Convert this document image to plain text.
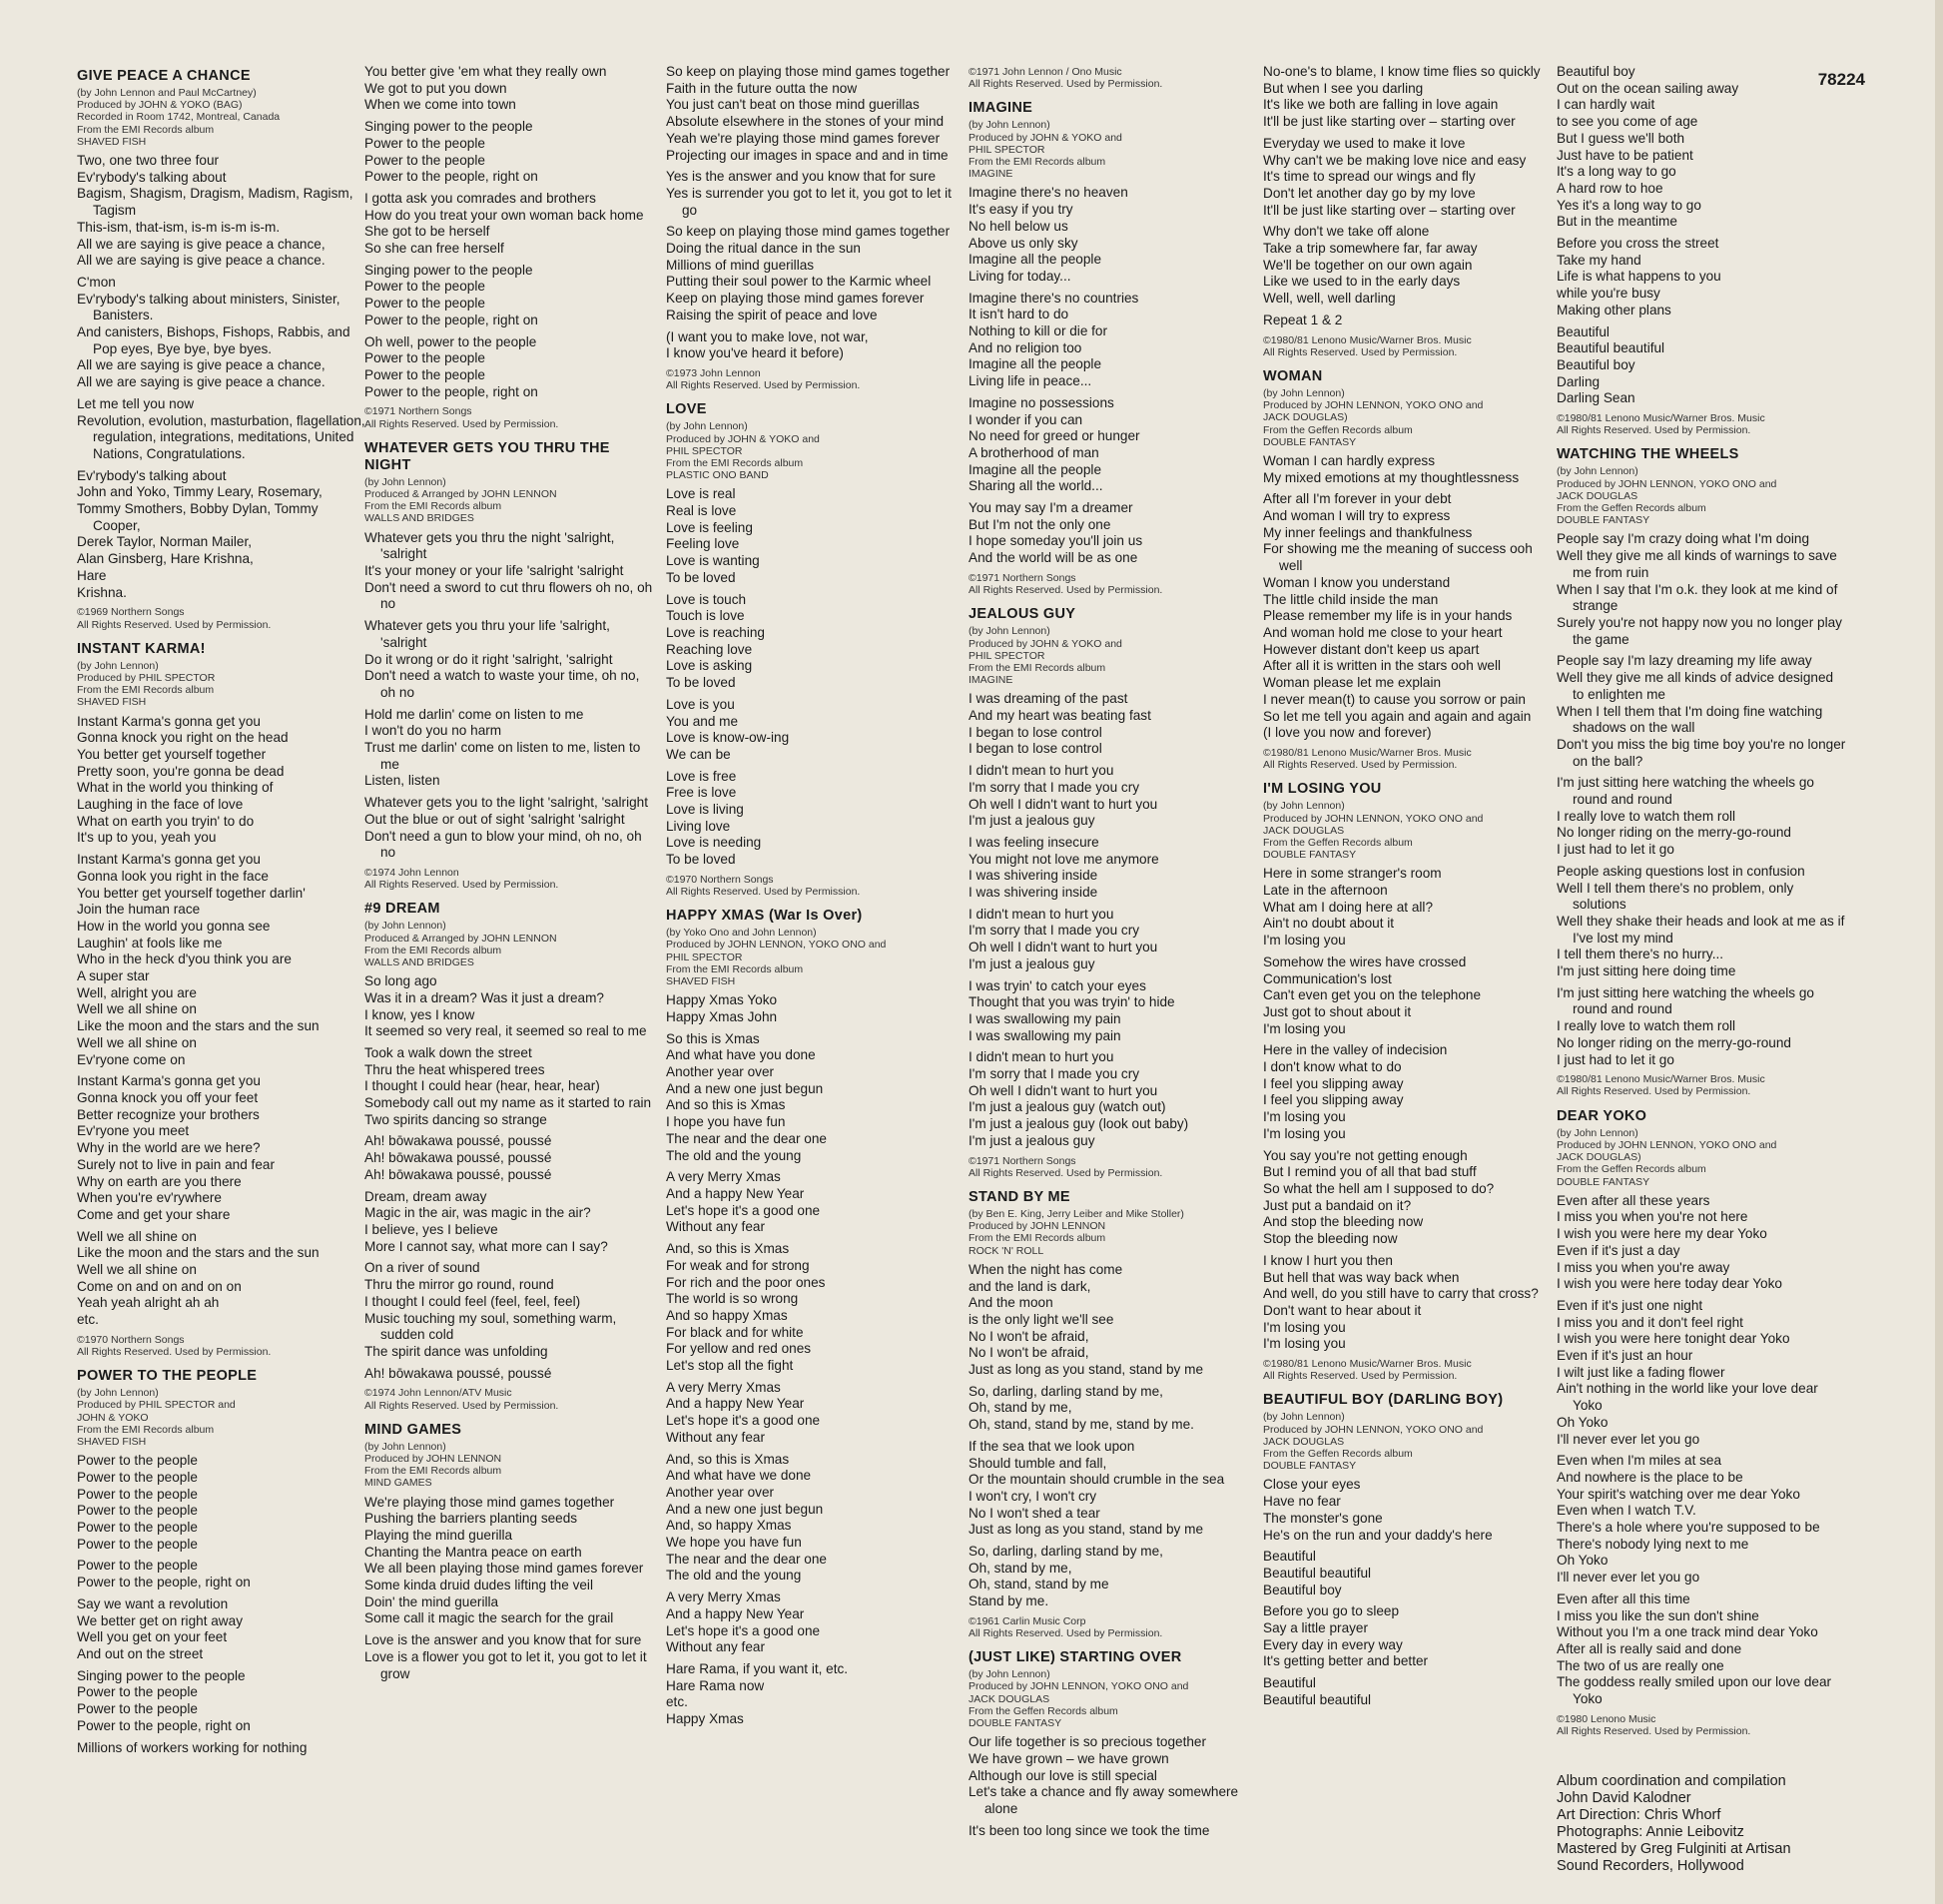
GIVE PEACE A CHANCE
(by John Lennon and Paul McCartney)
Produced by JOHN & YOKO (BAG)
Recorded in Room 1742, Montreal, Canada
From the EMI Records album
SHAVED FISH
Two, one two three four
Ev'rybody's talking about
Bagism, Shagism, Dragism, Madism, Ragism, Tagism
This-ism, that-ism, is-m is-m is-m.
All we are saying is give peace a chance,
All we are saying is give peace a chance.
C'mon
Ev'rybody's talking about ministers, Sinister, Banisters.
And canisters, Bishops, Fishops, Rabbis, and Pop eyes, Bye bye, bye byes.
All we are saying is give peace a chance,
All we are saying is give peace a chance.
Let me tell you now
Revolution, evolution, masturbation, flagellation, regulation, integrations, meditations, United Nations, Congratulations.
Ev'rybody's talking about
John and Yoko, Timmy Leary, Rosemary,
Tommy Smothers, Bobby Dylan, Tommy Cooper,
Derek Taylor, Norman Mailer,
Alan Ginsberg, Hare Krishna,
Hare
Krishna.
©1969 Northern Songs
All Rights Reserved. Used by Permission.
INSTANT KARMA!
(by John Lennon)
Produced by PHIL SPECTOR
From the EMI Records album
SHAVED FISH
Instant Karma's gonna get you
Gonna knock you right on the head
You better get yourself together
Pretty soon, you're gonna be dead
What in the world you thinking of
Laughing in the face of love
What on earth you tryin' to do
It's up to you, yeah you
Instant Karma's gonna get you
Gonna look you right in the face
You better get yourself together darlin'
Join the human race
How in the world you gonna see
Laughin' at fools like me
Who in the heck d'you think you are
A super star
Well, alright you are
Well we all shine on
Like the moon and the stars and the sun
Well we all shine on
Ev'ryone come on
Instant Karma's gonna get you
Gonna knock you off your feet
Better recognize your brothers
Ev'ryone you meet
Why in the world are we here?
Surely not to live in pain and fear
Why on earth are you there
When you're ev'rywhere
Come and get your share
Well we all shine on
Like the moon and the stars and the sun
Well we all shine on
Come on and on and on on
Yeah yeah alright ah ah
etc.
©1970 Northern Songs
All Rights Reserved. Used by Permission.
POWER TO THE PEOPLE
(by John Lennon)
Produced by PHIL SPECTOR and
JOHN & YOKO
From the EMI Records album
SHAVED FISH
Power to the people
Power to the people
Power to the people
Power to the people
Power to the people
Power to the people
Power to the people
Power to the people, right on
Say we want a revolution
We better get on right away
Well you get on your feet
And out on the street
Singing power to the people
Power to the people
Power to the people
Power to the people, right on
Millions of workers working for nothing
You better give 'em what they really own
We got to put you down
When we come into town
Singing power to the people
Power to the people
Power to the people
Power to the people, right on
I gotta ask you comrades and brothers
How do you treat your own woman back home
She got to be herself
So she can free herself
Singing power to the people
Power to the people
Power to the people
Power to the people, right on
Oh well, power to the people
Power to the people
Power to the people
Power to the people, right on
©1971 Northern Songs
All Rights Reserved. Used by Permission.
WHATEVER GETS YOU THRU THE NIGHT
(by John Lennon)
Produced & Arranged by JOHN LENNON
From the EMI Records album
WALLS AND BRIDGES
Whatever gets you thru the night 'salright, 'salright
It's your money or your life 'salright 'salright
Don't need a sword to cut thru flowers oh no, oh no
Whatever gets you thru your life 'salright, 'salright
Do it wrong or do it right 'salright, 'salright
Don't need a watch to waste your time, oh no, oh no
Hold me darlin' come on listen to me
I won't do you no harm
Trust me darlin' come on listen to me, listen to me
Listen, listen
Whatever gets you to the light 'salright, 'salright
Out the blue or out of sight 'salright 'salright
Don't need a gun to blow your mind, oh no, oh no
©1974 John Lennon
All Rights Reserved. Used by Permission.
#9 DREAM
(by John Lennon)
Produced & Arranged by JOHN LENNON
From the EMI Records album
WALLS AND BRIDGES
So long ago
Was it in a dream? Was it just a dream?
I know, yes I know
It seemed so very real, it seemed so real to me
Took a walk down the street
Thru the heat whispered trees
I thought I could hear (hear, hear, hear)
Somebody call out my name as it started to rain
Two spirits dancing so strange
Ah! bōwakawa poussé, poussé
Ah! bōwakawa poussé, poussé
Ah! bōwakawa poussé, poussé
Dream, dream away
Magic in the air, was magic in the air?
I believe, yes I believe
More I cannot say, what more can I say?
On a river of sound
Thru the mirror go round, round
I thought I could feel (feel, feel, feel)
Music touching my soul, something warm, sudden cold
The spirit dance was unfolding
Ah! bōwakawa poussé, poussé
©1974 John Lennon/ATV Music
All Rights Reserved. Used by Permission.
MIND GAMES
(by John Lennon)
Produced by JOHN LENNON
From the EMI Records album
MIND GAMES
We're playing those mind games together
Pushing the barriers planting seeds
Playing the mind guerilla
Chanting the Mantra peace on earth
We all been playing those mind games forever
Some kinda druid dudes lifting the veil
Doin' the mind guerilla
Some call it magic the search for the grail
Love is the answer and you know that for sure
Love is a flower you got to let it, you got to let it grow
So keep on playing those mind games together
Faith in the future outta the now
You just can't beat on those mind guerillas
Absolute elsewhere in the stones of your mind
Yeah we're playing those mind games forever
Projecting our images in space and and in time
Yes is the answer and you know that for sure
Yes is surrender you got to let it, you got to let it go
So keep on playing those mind games together
Doing the ritual dance in the sun
Millions of mind guerillas
Putting their soul power to the Karmic wheel
Keep on playing those mind games forever
Raising the spirit of peace and love
(I want you to make love, not war,
I know you've heard it before)
©1973 John Lennon
All Rights Reserved. Used by Permission.
LOVE
(by John Lennon)
Produced by JOHN & YOKO and
PHIL SPECTOR
From the EMI Records album
PLASTIC ONO BAND
Love is real
Real is love
Love is feeling
Feeling love
Love is wanting
To be loved
Love is touch
Touch is love
Love is reaching
Reaching love
Love is asking
To be loved
Love is you
You and me
Love is know-ow-ing
We can be
Love is free
Free is love
Love is living
Living love
Love is needing
To be loved
©1970 Northern Songs
All Rights Reserved. Used by Permission.
HAPPY XMAS (War Is Over)
(by Yoko Ono and John Lennon)
Produced by JOHN LENNON, YOKO ONO and
PHIL SPECTOR
From the EMI Records album
SHAVED FISH
Happy Xmas Yoko
Happy Xmas John
So this is Xmas
And what have you done
Another year over
And a new one just begun
And so this is Xmas
I hope you have fun
The near and the dear one
The old and the young
A very Merry Xmas
And a happy New Year
Let's hope it's a good one
Without any fear
And, so this is Xmas
For weak and for strong
For rich and the poor ones
The world is so wrong
And so happy Xmas
For black and for white
For yellow and red ones
Let's stop all the fight
A very Merry Xmas
And a happy New Year
Let's hope it's a good one
Without any fear
And, so this is Xmas
And what have we done
Another year over
And a new one just begun
And, so happy Xmas
We hope you have fun
The near and the dear one
The old and the young
A very Merry Xmas
And a happy New Year
Let's hope it's a good one
Without any fear
Hare Rama, if you want it, etc.
Hare Rama now
etc.
Happy Xmas
©1971 John Lennon / Ono Music
All Rights Reserved. Used by Permission.
IMAGINE
(by John Lennon)
Produced by JOHN & YOKO and
PHIL SPECTOR
From the EMI Records album
IMAGINE
Imagine there's no heaven
It's easy if you try
No hell below us
Above us only sky
Imagine all the people
Living for today...
Imagine there's no countries
It isn't hard to do
Nothing to kill or die for
And no religion too
Imagine all the people
Living life in peace...
Imagine no possessions
I wonder if you can
No need for greed or hunger
A brotherhood of man
Imagine all the people
Sharing all the world...
You may say I'm a dreamer
But I'm not the only one
I hope someday you'll join us
And the world will be as one
©1971 Northern Songs
All Rights Reserved. Used by Permission.
JEALOUS GUY
(by John Lennon)
Produced by JOHN & YOKO and
PHIL SPECTOR
From the EMI Records album
IMAGINE
I was dreaming of the past
And my heart was beating fast
I began to lose control
I began to lose control
I didn't mean to hurt you
I'm sorry that I made you cry
Oh well I didn't want to hurt you
I'm just a jealous guy
I was feeling insecure
You might not love me anymore
I was shivering inside
I was shivering inside
I didn't mean to hurt you
I'm sorry that I made you cry
Oh well I didn't want to hurt you
I'm just a jealous guy
I was tryin' to catch your eyes
Thought that you was tryin' to hide
I was swallowing my pain
I was swallowing my pain
I didn't mean to hurt you
I'm sorry that I made you cry
Oh well I didn't want to hurt you
I'm just a jealous guy (watch out)
I'm just a jealous guy (look out baby)
I'm just a jealous guy
©1971 Northern Songs
All Rights Reserved. Used by Permission.
STAND BY ME
(by Ben E. King, Jerry Leiber and Mike Stoller)
Produced by JOHN LENNON
From the EMI Records album
ROCK 'N' ROLL
When the night has come
and the land is dark,
And the moon
is the only light we'll see
No I won't be afraid,
No I won't be afraid,
Just as long as you stand, stand by me
So, darling, darling stand by me,
Oh, stand by me,
Oh, stand, stand by me, stand by me.
If the sea that we look upon
Should tumble and fall,
Or the mountain should crumble in the sea
I won't cry, I won't cry
No I won't shed a tear
Just as long as you stand, stand by me
So, darling, darling stand by me,
Oh, stand by me,
Oh, stand, stand by me
Stand by me.
©1961 Carlin Music Corp
All Rights Reserved. Used by Permission.
(JUST LIKE) STARTING OVER
(by John Lennon)
Produced by JOHN LENNON, YOKO ONO and
JACK DOUGLAS
From the Geffen Records album
DOUBLE FANTASY
Our life together is so precious together
We have grown – we have grown
Although our love is still special
Let's take a chance and fly away somewhere alone
It's been too long since we took the time
No-one's to blame, I know time flies so quickly
But when I see you darling
It's like we both are falling in love again
It'll be just like starting over – starting over
Everyday we used to make it love
Why can't we be making love nice and easy
It's time to spread our wings and fly
Don't let another day go by my love
It'll be just like starting over – starting over
Why don't we take off alone
Take a trip somewhere far, far away
We'll be together on our own again
Like we used to in the early days
Well, well, well darling
Repeat 1 & 2
©1980/81 Lenono Music/Warner Bros. Music
All Rights Reserved. Used by Permission.
WOMAN
(by John Lennon)
Produced by JOHN LENNON, YOKO ONO and
JACK DOUGLAS)
From the Geffen Records album
DOUBLE FANTASY
Woman I can hardly express
My mixed emotions at my thoughtlessness
After all I'm forever in your debt
And woman I will try to express
My inner feelings and thankfulness
For showing me the meaning of success ooh well
Woman I know you understand
The little child inside the man
Please remember my life is in your hands
And woman hold me close to your heart
However distant don't keep us apart
After all it is written in the stars ooh well
Woman please let me explain
I never mean(t) to cause you sorrow or pain
So let me tell you again and again and again
(I love you now and forever)
©1980/81 Lenono Music/Warner Bros. Music
All Rights Reserved. Used by Permission.
I'M LOSING YOU
(by John Lennon)
Produced by JOHN LENNON, YOKO ONO and
JACK DOUGLAS
From the Geffen Records album
DOUBLE FANTASY
Here in some stranger's room
Late in the afternoon
What am I doing here at all?
Ain't no doubt about it
I'm losing you
Somehow the wires have crossed
Communication's lost
Can't even get you on the telephone
Just got to shout about it
I'm losing you
Here in the valley of indecision
I don't know what to do
I feel you slipping away
I feel you slipping away
I'm losing you
I'm losing you
You say you're not getting enough
But I remind you of all that bad stuff
So what the hell am I supposed to do?
Just put a bandaid on it?
And stop the bleeding now
Stop the bleeding now
I know I hurt you then
But hell that was way back when
And well, do you still have to carry that cross?
Don't want to hear about it
I'm losing you
I'm losing you
©1980/81 Lenono Music/Warner Bros. Music
All Rights Reserved. Used by Permission.
BEAUTIFUL BOY (DARLING BOY)
(by John Lennon)
Produced by JOHN LENNON, YOKO ONO and
JACK DOUGLAS
From the Geffen Records album
DOUBLE FANTASY
Close your eyes
Have no fear
The monster's gone
He's on the run and your daddy's here
Beautiful
Beautiful beautiful
Beautiful boy
Before you go to sleep
Say a little prayer
Every day in every way
It's getting better and better
Beautiful
Beautiful beautiful
Beautiful boy
Out on the ocean sailing away
I can hardly wait
to see you come of age
But I guess we'll both
Just have to be patient
It's a long way to go
A hard row to hoe
Yes it's a long way to go
But in the meantime
Before you cross the street
Take my hand
Life is what happens to you
while you're busy
Making other plans
Beautiful
Beautiful beautiful
Beautiful boy
Darling
Darling Sean
©1980/81 Lenono Music/Warner Bros. Music
All Rights Reserved. Used by Permission.
WATCHING THE WHEELS
(by John Lennon)
Produced by JOHN LENNON, YOKO ONO and
JACK DOUGLAS
From the Geffen Records album
DOUBLE FANTASY
People say I'm crazy doing what I'm doing
Well they give me all kinds of warnings to save me from ruin
When I say that I'm o.k. they look at me kind of strange
Surely you're not happy now you no longer play the game
People say I'm lazy dreaming my life away
Well they give me all kinds of advice designed to enlighten me
When I tell them that I'm doing fine watching shadows on the wall
Don't you miss the big time boy you're no longer on the ball?
I'm just sitting here watching the wheels go round and round
I really love to watch them roll
No longer riding on the merry-go-round
I just had to let it go
People asking questions lost in confusion
Well I tell them there's no problem, only solutions
Well they shake their heads and look at me as if I've lost my mind
I tell them there's no hurry...
I'm just sitting here doing time
I'm just sitting here watching the wheels go round and round
I really love to watch them roll
No longer riding on the merry-go-round
I just had to let it go
©1980/81 Lenono Music/Warner Bros. Music
All Rights Reserved. Used by Permission.
DEAR YOKO
(by John Lennon)
Produced by JOHN LENNON, YOKO ONO and
JACK DOUGLAS)
From the Geffen Records album
DOUBLE FANTASY
Even after all these years
I miss you when you're not here
I wish you were here my dear Yoko
Even if it's just a day
I miss you when you're away
I wish you were here today dear Yoko
Even if it's just one night
I miss you and it don't feel right
I wish you were here tonight dear Yoko
Even if it's just an hour
I wilt just like a fading flower
Ain't nothing in the world like your love dear Yoko
Oh Yoko
I'll never ever let you go
Even when I'm miles at sea
And nowhere is the place to be
Your spirit's watching over me dear Yoko
Even when I watch T.V.
There's a hole where you're supposed to be
There's nobody lying next to me
Oh Yoko
I'll never ever let you go
Even after all this time
I miss you like the sun don't shine
Without you I'm a one track mind dear Yoko
After all is really said and done
The two of us are really one
The goddess really smiled upon our love dear Yoko
©1980 Lenono Music
All Rights Reserved. Used by Permission.
78224
Album coordination and compilation
John David Kalodner
Art Direction: Chris Whorf
Photographs: Annie Leibovitz
Mastered by Greg Fulginiti at Artisan
Sound Recorders, Hollywood
